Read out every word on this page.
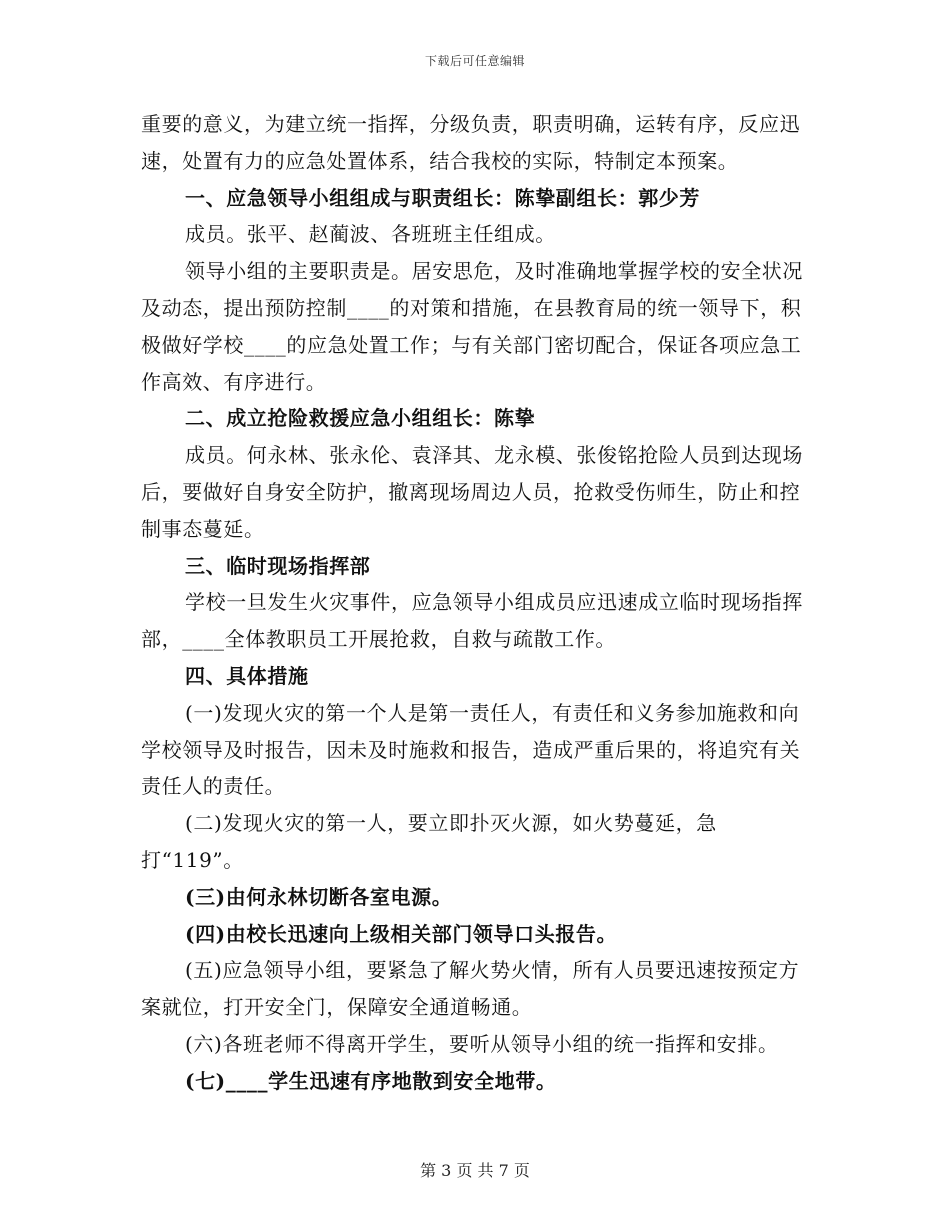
下载后可任意编辑

重要的意义，为建立统一指挥，分级负责，职责明确，运转有序，反应迅速，处置有力的应急处置体系，结合我校的实际，特制定本预案。

一、应急领导小组组成与职责组长：陈挚副组长：郭少芳

成员。张平、赵蔺波、各班班主任组成。

领导小组的主要职责是。居安思危，及时准确地掌握学校的安全状况及动态，提出预防控制____的对策和措施，在县教育局的统一领导下，积极做好学校____的应急处置工作；与有关部门密切配合，保证各项应急工作高效、有序进行。

二、成立抢险救援应急小组组长：陈挚

成员。何永林、张永伦、袁泽其、龙永模、张俊铭抢险人员到达现场后，要做好自身安全防护，撤离现场周边人员，抢救受伤师生，防止和控制事态蔓延。

三、临时现场指挥部

学校一旦发生火灾事件，应急领导小组成员应迅速成立临时现场指挥部，____全体教职员工开展抢救，自救与疏散工作。

四、具体措施

(一)发现火灾的第一个人是第一责任人，有责任和义务参加施救和向学校领导及时报告，因未及时施救和报告，造成严重后果的，将追究有关责任人的责任。

(二)发现火灾的第一人，要立即扑灭火源，如火势蔓延，急打“119”。

(三)由何永林切断各室电源。

(四)由校长迅速向上级相关部门领导口头报告。

(五)应急领导小组，要紧急了解火势火情，所有人员要迅速按预定方案就位，打开安全门，保障安全通道畅通。

(六)各班老师不得离开学生，要听从领导小组的统一指挥和安排。

(七)____学生迅速有序地散到安全地带。

第 3 页 共 7 页
